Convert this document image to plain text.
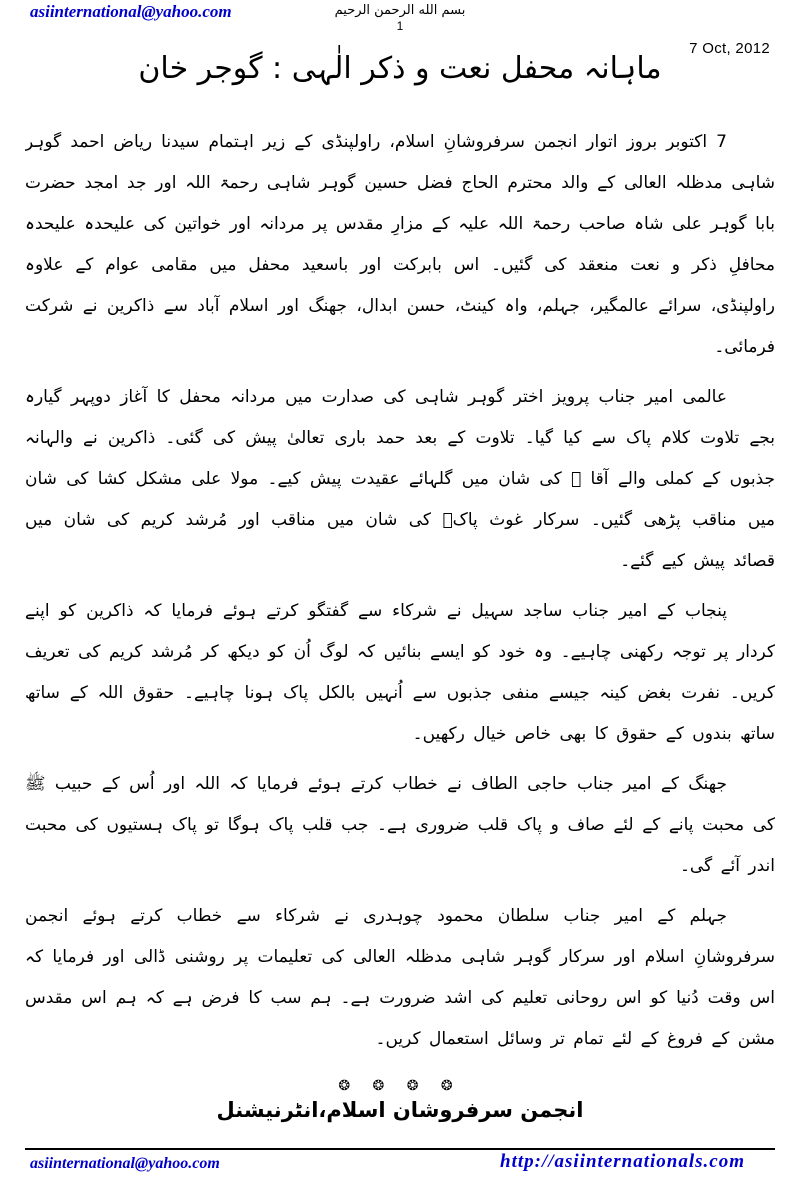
asiinternational@yahoo.com	بسم الله الرحمن الرحيم
1
7 Oct, 2012
ماہانہ محفل نعت و ذکر الٰہی : گوجر خان

7 اکتوبر بروز اتوار انجمن سرفروشانِ اسلام، راولپنڈی کے زیر اہتمام سیدنا ریاض احمد گوہر شاہی مدظلہ العالی کے والد محترم الحاج فضل حسین گوہر شاہی رحمۃ اللہ اور جد امجد حضرت بابا گوہر علی شاہ صاحب رحمۃ اللہ علیہ کے مزارِ مقدس پر مردانہ اور خواتین کی علیحدہ علیحدہ محافلِ ذکر و نعت منعقد کی گئیں۔ اس بابرکت اور باسعید محفل میں مقامی عوام کے علاوہ راولپنڈی، سرائے عالمگیر، جہلم، واہ کینٹ، حسن ابدال، جھنگ اور اسلام آباد سے ذاکرین نے شرکت فرمائی۔

عالمی امیر جناب پرویز اختر گوہر شاہی کی صدارت میں مردانہ محفل کا آغاز دوپہر گیارہ بجے تلاوت کلام پاک سے کیا گیا۔ تلاوت کے بعد حمد باری تعالیٰ پیش کی گئی۔ ذاکرین نے والہانہ جذبوں کے کملی والے آقا ﷺ کی شان میں گلہائے عقیدت پیش کیے۔ مولا علی مشکل کشا کی شان میں مناقب پڑھی گئیں۔ سرکار غوث پاکؓ کی شان میں مناقب اور مُرشد کریم کی شان میں قصائد پیش کیے گئے۔

پنجاب کے امیر جناب ساجد سہیل نے شرکاء سے گفتگو کرتے ہوئے فرمایا کہ ذاکرین کو اپنے کردار پر توجہ رکھنی چاہیے۔ وہ خود کو ایسے بنائیں کہ لوگ اُن کو دیکھ کر مُرشد کریم کی تعریف کریں۔ نفرت بغض کینہ جیسے منفی جذبوں سے اُنہیں بالکل پاک ہونا چاہیے۔ حقوق اللہ کے ساتھ ساتھ بندوں کے حقوق کا بھی خاص خیال رکھیں۔

جھنگ کے امیر جناب حاجی الطاف نے خطاب کرتے ہوئے فرمایا کہ اللہ اور اُس کے حبیب ﷺ کی محبت پانے کے لئے صاف و پاک قلب ضروری ہے۔ جب قلب پاک ہوگا تو پاک ہستیوں کی محبت اندر آئے گی۔

جہلم کے امیر جناب سلطان محمود چوہدری نے شرکاء سے خطاب کرتے ہوئے انجمن سرفروشانِ اسلام اور سرکار گوہر شاہی مدظلہ العالی کی تعلیمات پر روشنی ڈالی اور فرمایا کہ اس وقت دُنیا کو اس روحانی تعلیم کی اشد ضرورت ہے۔ ہم سب کا فرض ہے کہ ہم اس مقدس مشن کے فروغ کے لئے تمام تر وسائل استعمال کریں۔

❂ ❂ ❂ ❂
انجمن سرفروشان اسلام،انٹرنیشنل
asiinternational@yahoo.com	http://asiinternationals.com
